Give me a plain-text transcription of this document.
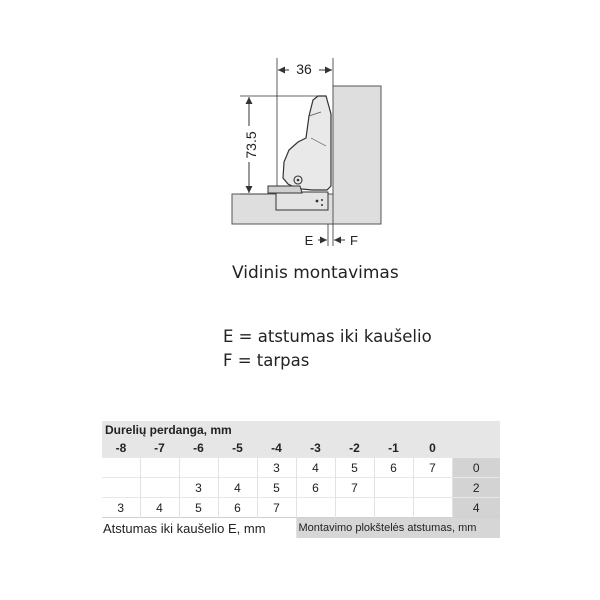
36
73.5
E	F
Vidinis montavimas
E = atstumas iki kaušelio
F = tarpas
Durelių perdanga, mm									
-8	-7	-6	-5	-4	-3	-2	-1	0	
				3	4	5	6	7	0
		3	4	5	6	7			2
3	4	5	6	7					4
Atstumas iki kaušelio E, mm					Montavimo plokštelės atstumas, mm				
